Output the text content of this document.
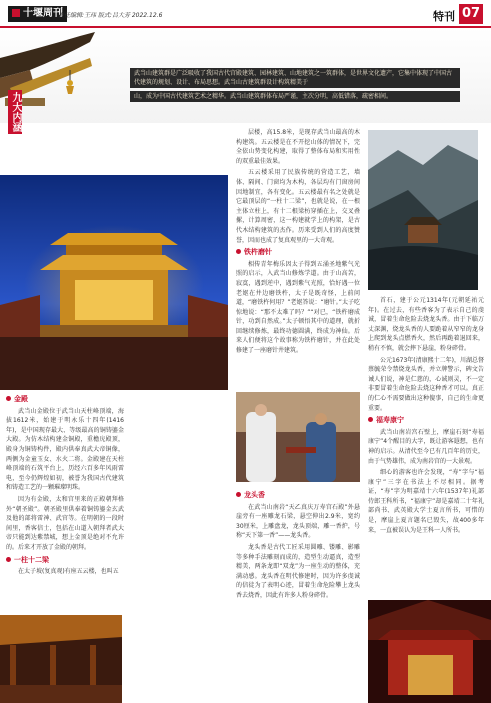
十堰周刊
责任编辑:王玮 版式:吕大芳 2022.12.6	特刊 07

武当山建筑群是广泛吸收了我国古代宫殿建筑、园林建筑、山地建筑之一筑群体，是世界文化遗产，它集中体现了中国古代建筑的规划、设计、布局思想。武当山古建筑群设计构筑精美于

山，成为中国古代建筑艺术之精华。武当山建筑群体布局严谨，主次分明，高低错落，疏密相间。

九大内涵
金殿

武当山金殿位于武当山天柱峰顶端，海拔1612米，始建于明永乐十四年(1416年)，是中国现存最大、等级最高的铜铸鎏金大殿。为仿木结构建金铜殿，重檐庑殿顶，殿身为铜铸构件，殿内供奉真武大帝铜像，两侧为金童玉女、水火二将。金殿建在天柱峰顶端的石筑平台上，历经六百多年风雨雷电，至今仍辉煌如初，被誉为我国古代建筑和铸造工艺的一颗璀璨明珠。

因为有金殿，太和宫里来的正殿朝拜格外“朝圣殿”。朝圣殿里供奉着铜铸鎏金玄武及他的部将雷神、武官等。在明朝的一段时间里，香客信士，包括在山道入朝拜者武大帝只能到达紫禁城，想上金顶是绝对不允许的。后来才开放了金殿的朝拜。

一柱十二梁

在太子坡(复真观)有座五云楼，也叫五

层楼，高15.8米，是现存武当山最高的木构建筑。五云楼是在不开挖山体的情况下，完全依山势变化构建，取得了整体布局和实用性的双重最佳效果。

五云楼采用了民族传统的营造工艺，墙体、隔间、门窗均为木构，各层均有门窗房间因地制宜，各有变化。五云楼最有名之处就是它最顶层的“一柱十二梁”，也就是说，在一根主体立柱上，有十二根梁枋穿插在上，交叉叠摞，计算周密，这一构建就学上的构架，是古代木结构建筑的杰作。历来受到人们的高度赞誉，因而也成了复真观里的一大奇观。

铁杵磨针

相传青年梅乐因太子得到五涌圣地紫气光照的启示，入武当山修炼学道。由于山高苦，寂寞，遇到逆中，遇到紫气光照，恰好遇一位老妪在井边磨铁杵，太子是既奇怪，上前问道，“磨铁杵何用？”老妪答说：“磨针。”太子吃惊地说：“那不太难了吗？”“对已，“铁杵磨成针，功到自然成。”太子顿悟其中的道理，就折回继续修炼，最终功德圆满，终成为神仙。后来人们便将这个故事称为铁杵磨针，并在此处修建了一座磨针井建筑。

龙头香

在武当山南岩“天乙真庆万寿宫石殿”外悬崖旁有一座雕龙石梁，悬空伸出2.9米，宽约30厘米，上雕盘龙，龙头顶端，雕一香炉，号称“天下第一香”——龙头香。

龙头香是古代工匠采用圆雕、镂雕、影雕等多种手法雕刻而成的，造型生动逼真，造型精美，两条龙即“双龙”为一座生动的整体，充满动感。龙头香在明代修建时，因为许多虔诚的信徒为了表明心迹，冒着生命危险攀上龙头香去烧香，因此有许多人粉身碎骨。

首石，建于公元1314年(元朝延祐元年)。在过去，有些香客为了表示自己的虔诚，冒着生命危险去烧龙头香。由于下临万丈深渊，烧龙头香的人要跪着从窄窄的龙身上爬到龙头点燃香火，然后再跪着退回来，稍有不慎，就会摔下悬崖，粉身碎骨。

公元1673年(清康熙十二年)，川湖总督蔡毓荣令禁烧龙头香，并立牌警示，碑文告诫人们说，神是仁慈的，心诚则灵，不一定非要冒着生命危险去烧这种香才可以。真正的仁心不需要做出这种傻事，自己的生命更重要。

福寿康宁

武当山南岩宫石壁上，摩崖石刻“寿福康宁”4个醒目的大字，既让游客遐想，也有神的启示。从清代至今已有几百年的历史，由于气势雄伟，成为南岩宫的一大景观。

细心的游客也许会发现，“寿”字与“福康宁”三字在书法上不尽相同。据考证，“寿”字为明嘉靖十六年(1537年)礼部侍郎王科所书，“福康宁”却是嘉靖二十年礼部尚书、武英殿大学士夏言所书，可惜的是，摩崖上夏言题名已毁失，故400多年来，一直被误认为是王科一人所书。
